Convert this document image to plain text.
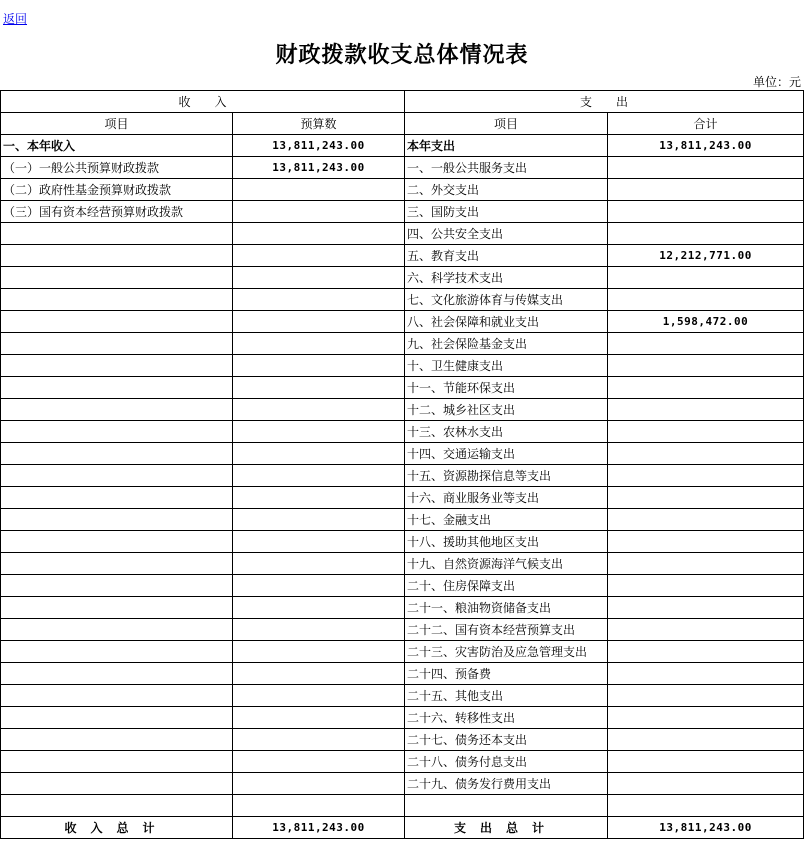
返回
财政拨款收支总体情况表
单位：元
收　　入		支　　出	
项目	预算数	项目	合计
一、本年收入	13,811,243.00	本年支出	13,811,243.00
（一）一般公共预算财政拨款	13,811,243.00	一、一般公共服务支出	
（二）政府性基金预算财政拨款		二、外交支出	
（三）国有资本经营预算财政拨款		三、国防支出	
		四、公共安全支出	
		五、教育支出	12,212,771.00
		六、科学技术支出	
		七、文化旅游体育与传媒支出	
		八、社会保障和就业支出	1,598,472.00
		九、社会保险基金支出	
		十、卫生健康支出	
		十一、节能环保支出	
		十二、城乡社区支出	
		十三、农林水支出	
		十四、交通运输支出	
		十五、资源勘探信息等支出	
		十六、商业服务业等支出	
		十七、金融支出	
		十八、援助其他地区支出	
		十九、自然资源海洋气候支出	
		二十、住房保障支出	
		二十一、粮油物资储备支出	
		二十二、国有资本经营预算支出	
		二十三、灾害防治及应急管理支出	
		二十四、预备费	
		二十五、其他支出	
		二十六、转移性支出	
		二十七、债务还本支出	
		二十八、债务付息支出	
		二十九、债务发行费用支出	

收入总计	13,811,243.00	支出总计	13,811,243.00
